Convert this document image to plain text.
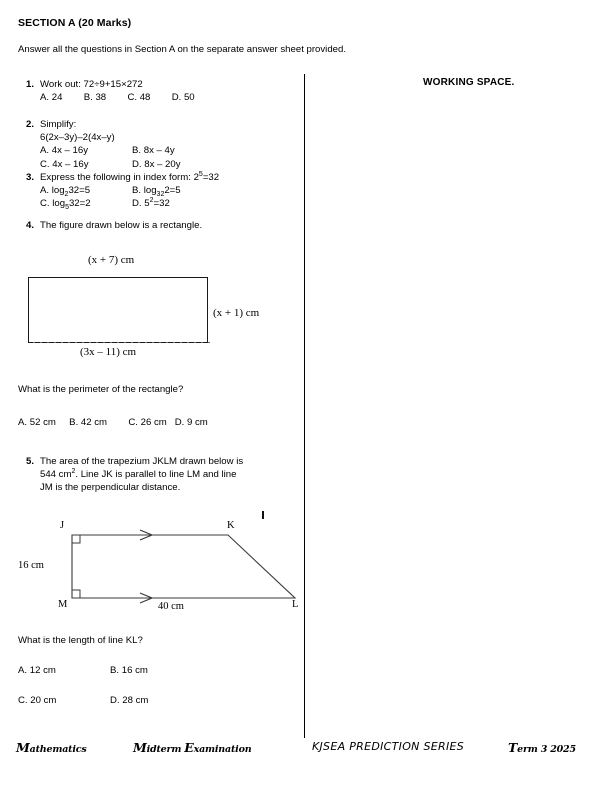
SECTION A (20 Marks)
Answer all the questions in Section A on the separate answer sheet provided.
WORKING SPACE.
1. Work out: 72÷9+15×272
A. 24        B. 38        C. 48        D. 50
2. Simplify:
6(2x–3y)–2(4x–y)
A. 4x – 16y	B. 8x – 4y
C. 4x – 16y	D. 8x – 20y
3. Express the following in index form: $2^5=32$
A. $\log_232=5$	B. $\log_{32}2=5$
C. $\log_532=2$	D. $5^2=32$
4. The figure drawn below is a rectangle.
(x + 7) cm
(x + 1) cm
(3x – 11) cm
What is the perimeter of the rectangle?
A. 52 cm     B. 42 cm        C. 26 cm   D. 9 cm
5. The area of the trapezium JKLM drawn below is
544 $cm^2$. Line JK is parallel to line LM and line
JM is the perpendicular distance.
J	K
M	L
16 cm
40 cm
What is the length of line KL?
A. 12 cm	B. 16 cm
C. 20 cm	D. 28 cm
Mathematics	Midterm Examination	KJSEA PREDICTION SERIES	Term 3 2025
